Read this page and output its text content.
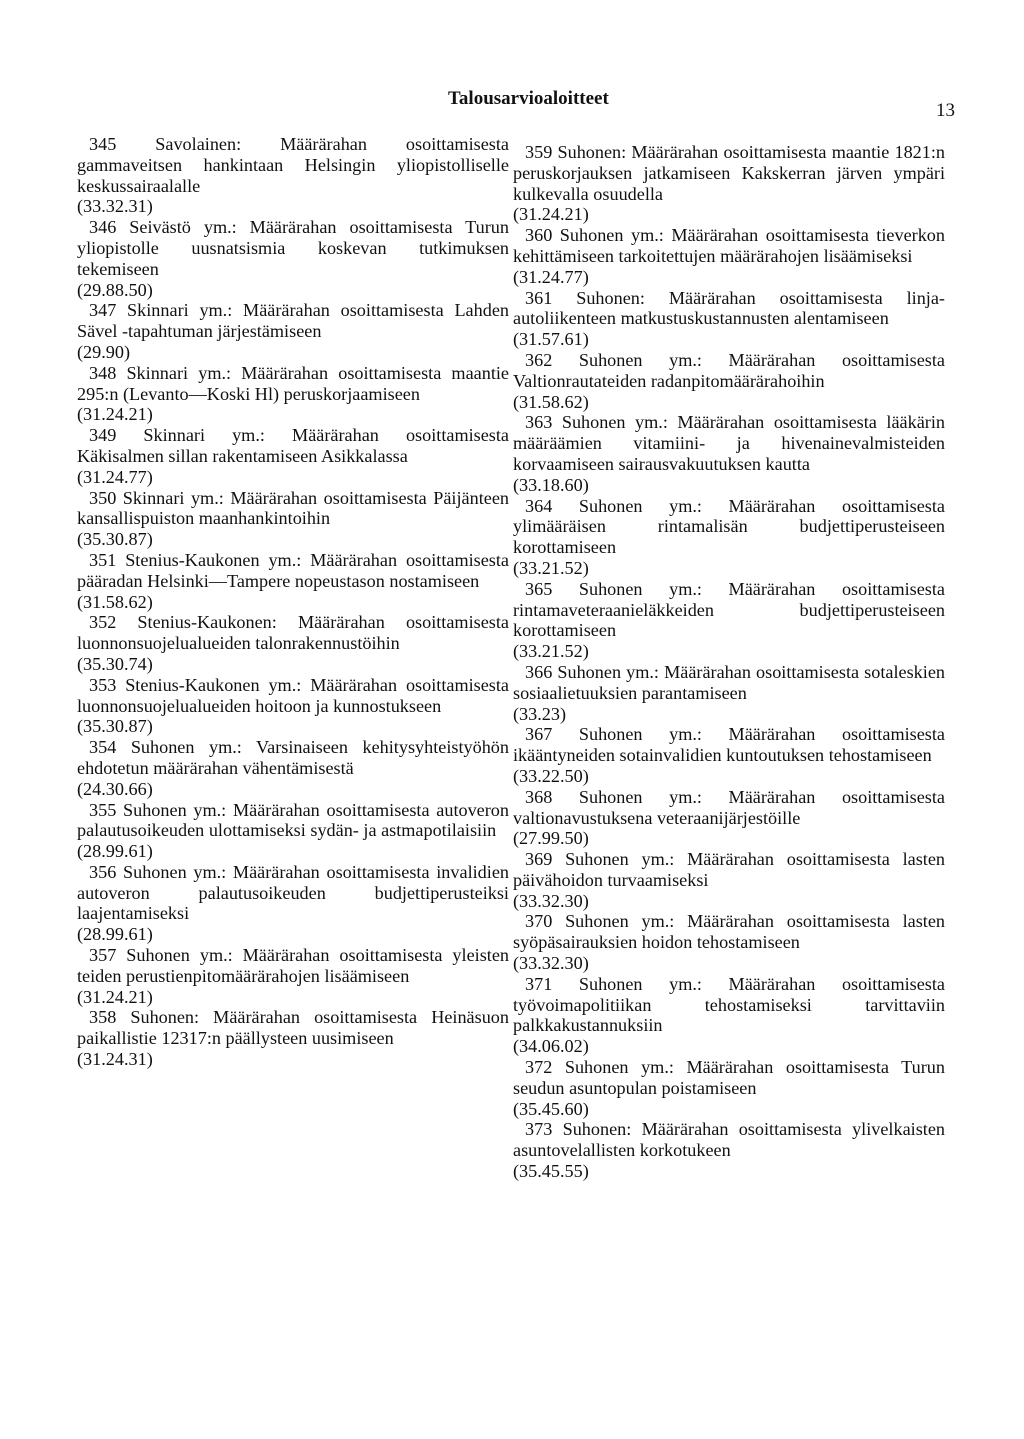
Talousarvioaloitteet
13
345 Savolainen: Määrärahan osoittamisesta gammaveitsen hankintaan Helsingin yliopistolliselle keskussairaalalle
(33.32.31)
346 Seivästö ym.: Määrärahan osoittamisesta Turun yliopistolle uusnatsismia koskevan tutkimuksen tekemiseen
(29.88.50)
347 Skinnari ym.: Määrärahan osoittamisesta Lahden Sävel -tapahtuman järjestämiseen
(29.90)
348 Skinnari ym.: Määrärahan osoittamisesta maantie 295:n (Levanto—Koski Hl) peruskorjaamiseen
(31.24.21)
349 Skinnari ym.: Määrärahan osoittamisesta Käkisalmen sillan rakentamiseen Asikkalassa
(31.24.77)
350 Skinnari ym.: Määrärahan osoittamisesta Päijänteen kansallispuiston maanhankintoihin
(35.30.87)
351 Stenius-Kaukonen ym.: Määrärahan osoittamisesta pääradan Helsinki—Tampere nopeustason nostamiseen
(31.58.62)
352 Stenius-Kaukonen: Määrärahan osoittamisesta luonnonsuojelualueiden talonrakennustöihin
(35.30.74)
353 Stenius-Kaukonen ym.: Määrärahan osoittamisesta luonnonsuojelualueiden hoitoon ja kunnostukseen
(35.30.87)
354 Suhonen ym.: Varsinaiseen kehitysyhteistyöhön ehdotetun määrärahan vähentämisestä
(24.30.66)
355 Suhonen ym.: Määrärahan osoittamisesta autoveron palautusoikeuden ulottamiseksi sydän- ja astmapotilaisiin
(28.99.61)
356 Suhonen ym.: Määrärahan osoittamisesta invalidien autoveron palautusoikeuden budjettiperusteiksi laajentamiseksi
(28.99.61)
357 Suhonen ym.: Määrärahan osoittamisesta yleisten teiden perustienpitomäärärahojen lisäämiseen
(31.24.21)
358 Suhonen: Määrärahan osoittamisesta Heinäsuon paikallistie 12317:n päällysteen uusimiseen
(31.24.31)
359 Suhonen: Määrärahan osoittamisesta maantie 1821:n peruskorjauksen jatkamiseen Kakskerran järven ympäri kulkevalla osuudella
(31.24.21)
360 Suhonen ym.: Määrärahan osoittamisesta tieverkon kehittämiseen tarkoitettujen määrärahojen lisäämiseksi
(31.24.77)
361 Suhonen: Määrärahan osoittamisesta linja-autoliikenteen matkustuskustannusten alentamiseen
(31.57.61)
362 Suhonen ym.: Määrärahan osoittamisesta Valtionrautateiden radanpitomäärärahoihin
(31.58.62)
363 Suhonen ym.: Määrärahan osoittamisesta lääkärin määräämien vitamiini- ja hivenainevalmisteiden korvaamiseen sairausvakuutuksen kautta
(33.18.60)
364 Suhonen ym.: Määrärahan osoittamisesta ylimääräisen rintamalisän budjettiperusteiseen korottamiseen
(33.21.52)
365 Suhonen ym.: Määrärahan osoittamisesta rintamaveteraanieläkkeiden budjettiperusteiseen korottamiseen
(33.21.52)
366 Suhonen ym.: Määrärahan osoittamisesta sotaleskien sosiaalietuuksien parantamiseen
(33.23)
367 Suhonen ym.: Määrärahan osoittamisesta ikääntyneiden sotainvalidien kuntoutuksen tehostamiseen
(33.22.50)
368 Suhonen ym.: Määrärahan osoittamisesta valtionavustuksena veteraanijärjestöille
(27.99.50)
369 Suhonen ym.: Määrärahan osoittamisesta lasten päivähoidon turvaamiseksi
(33.32.30)
370 Suhonen ym.: Määrärahan osoittamisesta lasten syöpäsairauksien hoidon tehostamiseen
(33.32.30)
371 Suhonen ym.: Määrärahan osoittamisesta työvoimapolitiikan tehostamiseksi tarvittaviin palkkakustannuksiin
(34.06.02)
372 Suhonen ym.: Määrärahan osoittamisesta Turun seudun asuntopulan poistamiseen
(35.45.60)
373 Suhonen: Määrärahan osoittamisesta ylivelkaisten asuntovelallisten korkotukeen
(35.45.55)
